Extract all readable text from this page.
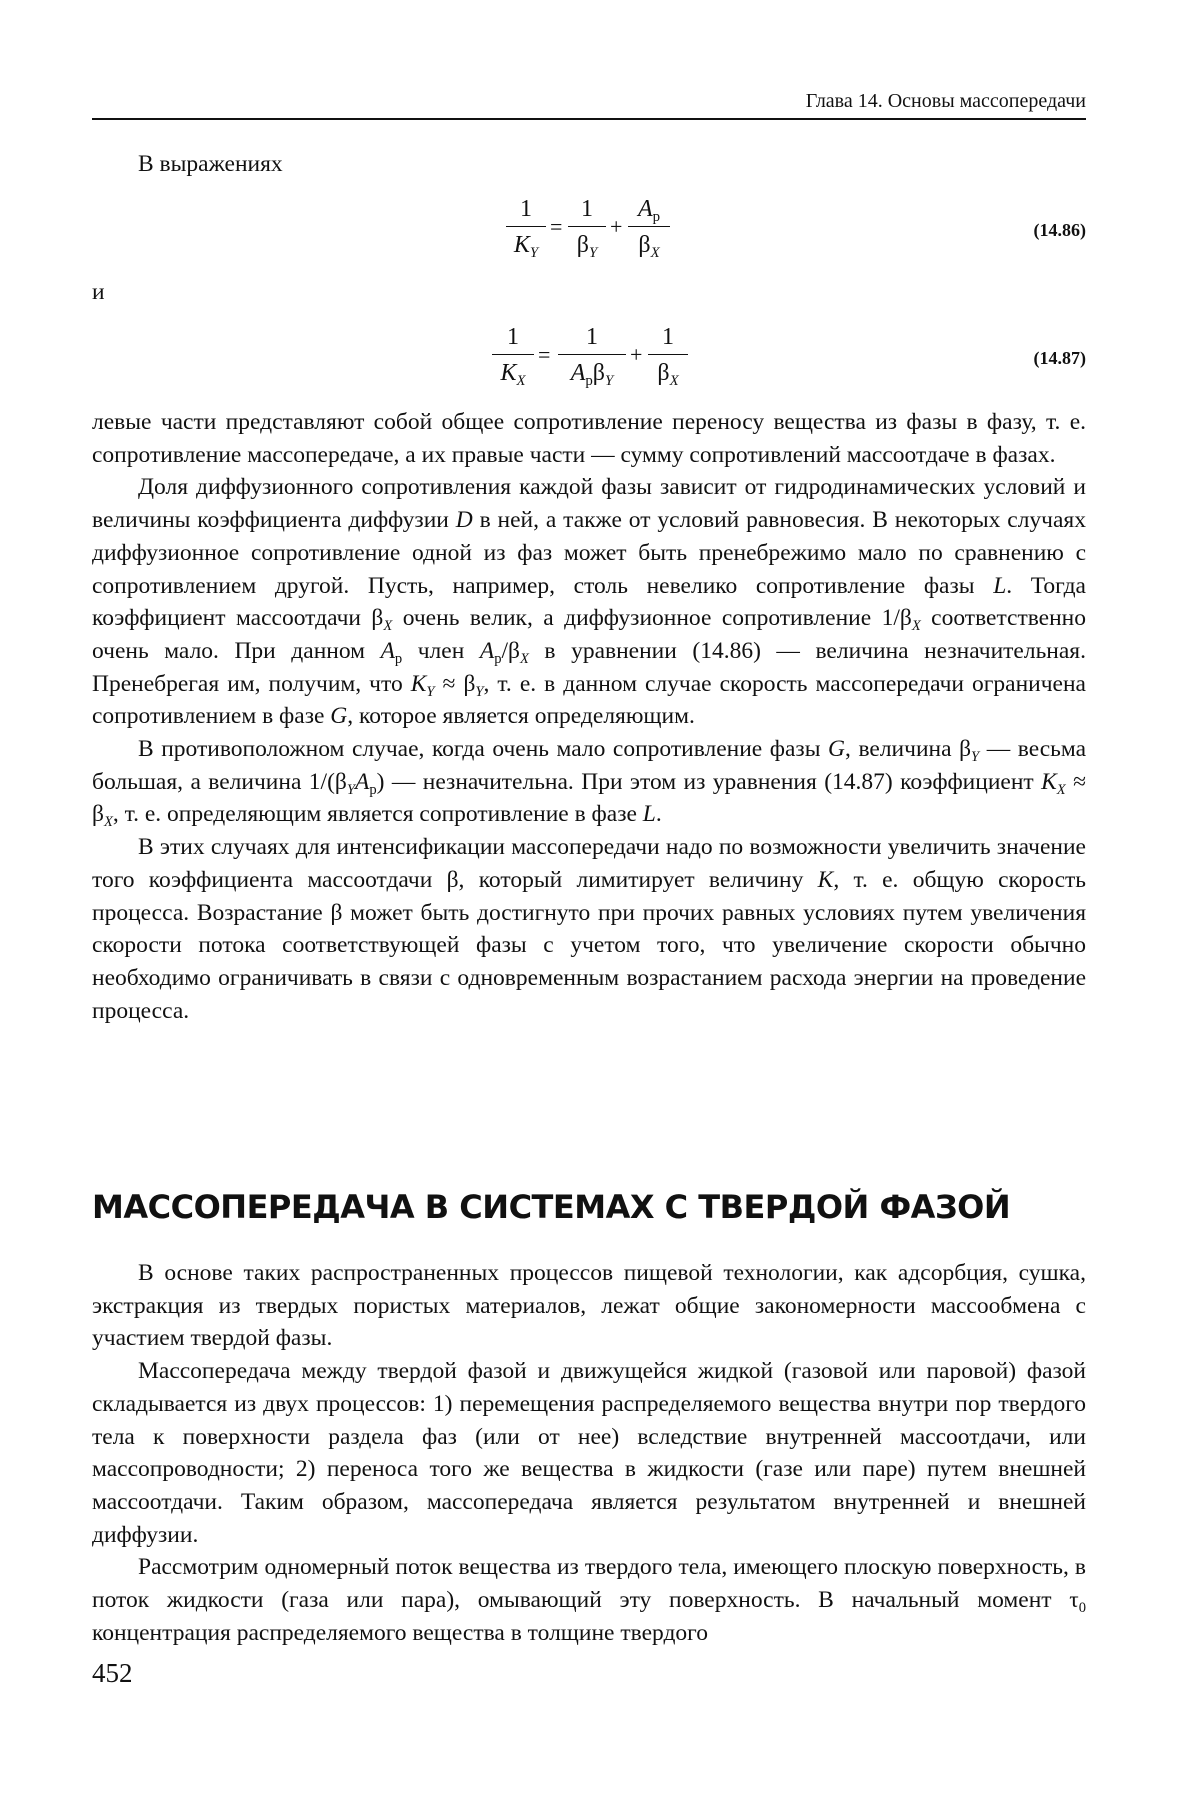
Глава 14. Основы массопередачи

В выражениях

1
KY
=
1
βY
+
Aр
βX
(14.86)

и

1
KX
=
1
AрβY
+
1
βX
(14.87)

левые части представляют собой общее сопротивление переносу вещества из фазы в фазу, т. е. сопротивление массопередаче, а их правые части — сумму сопротивлений массоотдаче в фазах.

Доля диффузионного сопротивления каждой фазы зависит от гидродинамических условий и величины коэффициента диффузии D в ней, а также от условий равновесия. В некоторых случаях диффузионное сопротивление одной из фаз может быть пренебрежимо мало по сравнению с сопротивлением другой. Пусть, например, столь невелико сопротивление фазы L. Тогда коэффициент массоотдачи βX очень велик, а диффузионное сопротивление 1/βX соответственно очень мало. При данном Aр член Aр/βX в уравнении (14.86) — величина незначительная. Пренебрегая им, получим, что KY ≈ βY, т. е. в данном случае скорость массопередачи ограничена сопротивлением в фазе G, которое является определяющим.

В противоположном случае, когда очень мало сопротивление фазы G, величина βY — весьма большая, а величина 1/(βYAр) — незначительна. При этом из уравнения (14.87) коэффициент KX ≈ βX, т. е. определяющим является сопротивление в фазе L.

В этих случаях для интенсификации массопередачи надо по возможности увеличить значение того коэффициента массоотдачи β, который лимитирует величину K, т. е. общую скорость процесса. Возрастание β может быть достигнуто при прочих равных условиях путем увеличения скорости потока соответствующей фазы с учетом того, что увеличение скорости обычно необходимо ограничивать в связи с одновременным возрастанием расхода энергии на проведение процесса.

МАССОПЕРЕДАЧА В СИСТЕМАХ С ТВЕРДОЙ ФАЗОЙ

В основе таких распространенных процессов пищевой технологии, как адсорбция, сушка, экстракция из твердых пористых материалов, лежат общие закономерности массообмена с участием твердой фазы.

Массопередача между твердой фазой и движущейся жидкой (газовой или паровой) фазой складывается из двух процессов: 1) перемещения распределяемого вещества внутри пор твердого тела к поверхности раздела фаз (или от нее) вследствие внутренней массоотдачи, или массопроводности; 2) переноса того же вещества в жидкости (газе или паре) путем внешней массоотдачи. Таким образом, массопередача является результатом внутренней и внешней диффузии.

Рассмотрим одномерный поток вещества из твердого тела, имеющего плоскую поверхность, в поток жидкости (газа или пара), омывающий эту поверхность. В начальный момент τ0 концентрация распределяемого вещества в толщине твердого

452
